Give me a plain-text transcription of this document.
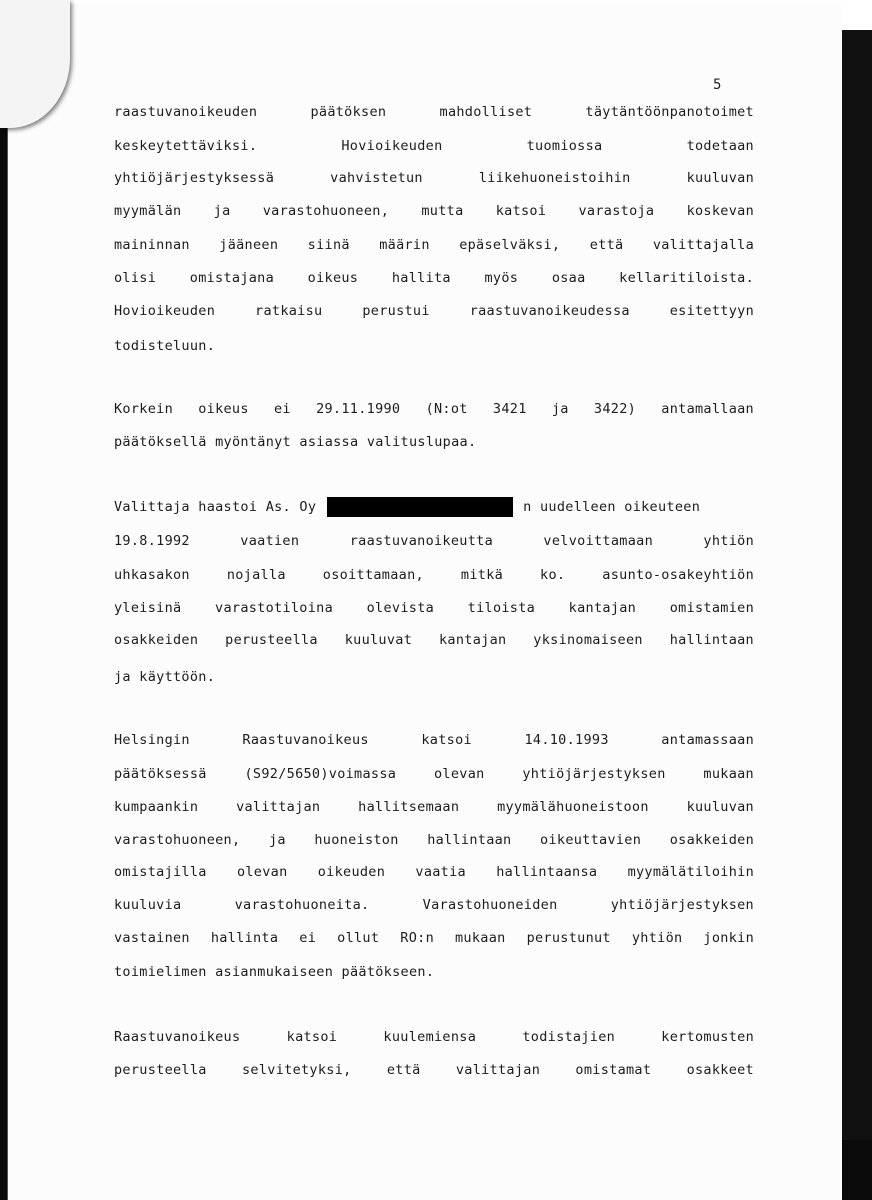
5
raastuvanoikeuden päätöksen mahdolliset täytäntöönpanotoimet
keskeytettäviksi. Hovioikeuden tuomiossa todetaan
yhtiöjärjestyksessä vahvistetun liikehuoneistoihin kuuluvan
myymälän ja varastohuoneen, mutta katsoi varastoja koskevan
maininnan jääneen siinä määrin epäselväksi, että valittajalla
olisi omistajana oikeus hallita myös osaa kellaritiloista.
Hovioikeuden ratkaisu perustui raastuvanoikeudessa esitettyyn
todisteluun.
Korkein oikeus ei 29.11.1990 (N:ot 3421 ja 3422) antamallaan
päätöksellä myöntänyt asiassa valituslupaa.
Valittaja haastoi As. Oy	n uudelleen oikeuteen
19.8.1992 vaatien raastuvanoikeutta velvoittamaan yhtiön
uhkasakon nojalla osoittamaan, mitkä ko. asunto-osakeyhtiön
yleisinä varastotiloina olevista tiloista kantajan omistamien
osakkeiden perusteella kuuluvat kantajan yksinomaiseen hallintaan
ja käyttöön.
Helsingin Raastuvanoikeus katsoi 14.10.1993 antamassaan
päätöksessä (S92/5650)voimassa olevan yhtiöjärjestyksen mukaan
kumpaankin valittajan hallitsemaan myymälähuoneistoon kuuluvan
varastohuoneen, ja huoneiston hallintaan oikeuttavien osakkeiden
omistajilla olevan oikeuden vaatia hallintaansa myymälätiloihin
kuuluvia varastohuoneita. Varastohuoneiden yhtiöjärjestyksen
vastainen hallinta ei ollut RO:n mukaan perustunut yhtiön jonkin
toimielimen asianmukaiseen päätökseen.
Raastuvanoikeus katsoi kuulemiensa todistajien kertomusten
perusteella selvitetyksi, että valittajan omistamat osakkeet
